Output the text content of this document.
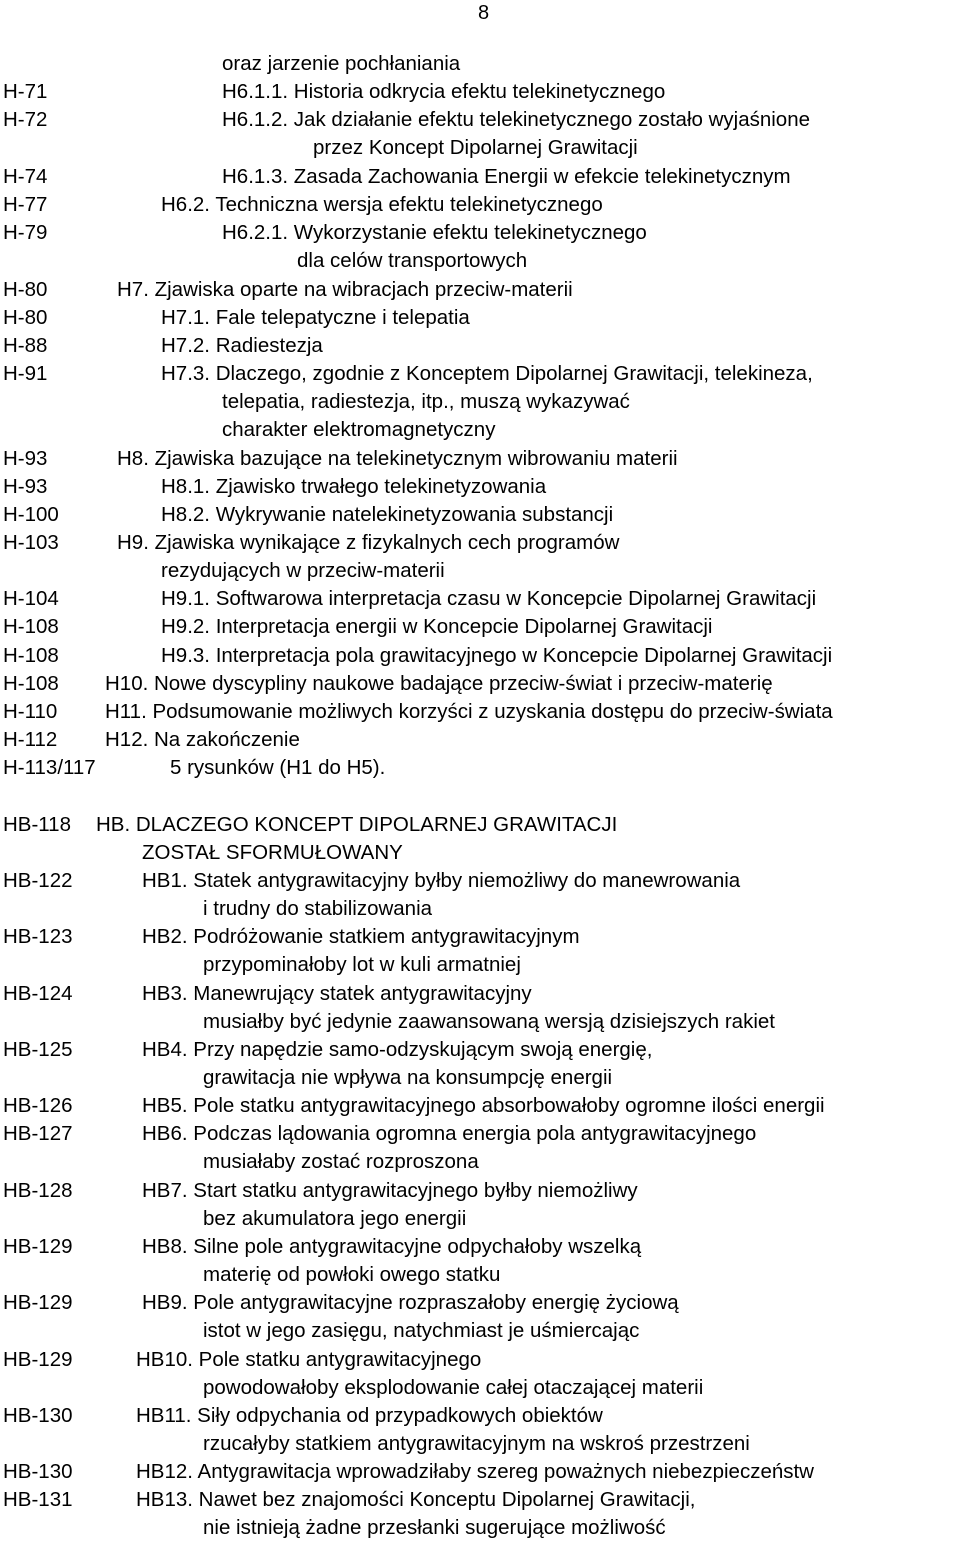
8
oraz jarzenie pochłaniania
H-71	H6.1.1. Historia odkrycia efektu telekinetycznego
H-72	H6.1.2. Jak działanie efektu telekinetycznego zostało wyjaśnione
przez Koncept Dipolarnej Grawitacji
H-74	H6.1.3. Zasada Zachowania Energii w efekcie telekinetycznym
H-77	H6.2. Techniczna wersja efektu telekinetycznego
H-79	H6.2.1. Wykorzystanie efektu telekinetycznego
dla celów transportowych
H-80	H7. Zjawiska oparte na wibracjach przeciw-materii
H-80	H7.1. Fale telepatyczne i telepatia
H-88	H7.2. Radiestezja
H-91	H7.3. Dlaczego, zgodnie z Konceptem Dipolarnej Grawitacji, telekineza,
telepatia, radiestezja, itp., muszą wykazywać
charakter elektromagnetyczny
H-93	H8. Zjawiska bazujące na telekinetycznym wibrowaniu materii
H-93	H8.1. Zjawisko trwałego telekinetyzowania
H-100	H8.2. Wykrywanie natelekinetyzowania substancji
H-103	H9. Zjawiska wynikające z fizykalnych cech programów
rezydujących w przeciw-materii
H-104	H9.1. Softwarowa interpretacja czasu w Koncepcie Dipolarnej Grawitacji
H-108	H9.2. Interpretacja energii w Koncepcie Dipolarnej Grawitacji
H-108	H9.3. Interpretacja pola grawitacyjnego w Koncepcie Dipolarnej Grawitacji
H-108 H10. Nowe dyscypliny naukowe badające przeciw-świat i przeciw-materię
H-110 H11. Podsumowanie możliwych korzyści z uzyskania dostępu do przeciw-świata
H-112 H12. Na zakończenie
H-113/117	5 rysunków (H1 do H5).
HB-118 HB. DLACZEGO KONCEPT DIPOLARNEJ GRAWITACJI
ZOSTAŁ SFORMUŁOWANY
HB-122	HB1. Statek antygrawitacyjny byłby niemożliwy do manewrowania
i trudny do stabilizowania
HB-123	HB2. Podróżowanie statkiem antygrawitacyjnym
przypominałoby lot w kuli armatniej
HB-124	HB3. Manewrujący statek antygrawitacyjny
musiałby być jedynie zaawansowaną wersją dzisiejszych rakiet
HB-125	HB4. Przy napędzie samo-odzyskującym swoją energię,
grawitacja nie wpływa na konsumpcję energii
HB-126	HB5. Pole statku antygrawitacyjnego absorbowałoby ogromne ilości energii
HB-127	HB6. Podczas lądowania ogromna energia pola antygrawitacyjnego
musiałaby zostać rozproszona
HB-128	HB7. Start statku antygrawitacyjnego byłby niemożliwy
bez akumulatora jego energii
HB-129	HB8. Silne pole antygrawitacyjne odpychałoby wszelką
materię od powłoki owego statku
HB-129	HB9. Pole antygrawitacyjne rozpraszałoby energię życiową
istot w jego zasięgu, natychmiast je uśmiercając
HB-129	HB10. Pole statku antygrawitacyjnego
powodowałoby eksplodowanie całej otaczającej materii
HB-130	HB11. Siły odpychania od przypadkowych obiektów
rzucałyby statkiem antygrawitacyjnym na wskroś przestrzeni
HB-130	HB12. Antygrawitacja wprowadziłaby szereg poważnych niebezpieczeństw
HB-131	HB13. Nawet bez znajomości Konceptu Dipolarnej Grawitacji,
nie istnieją żadne przesłanki sugerujące możliwość
